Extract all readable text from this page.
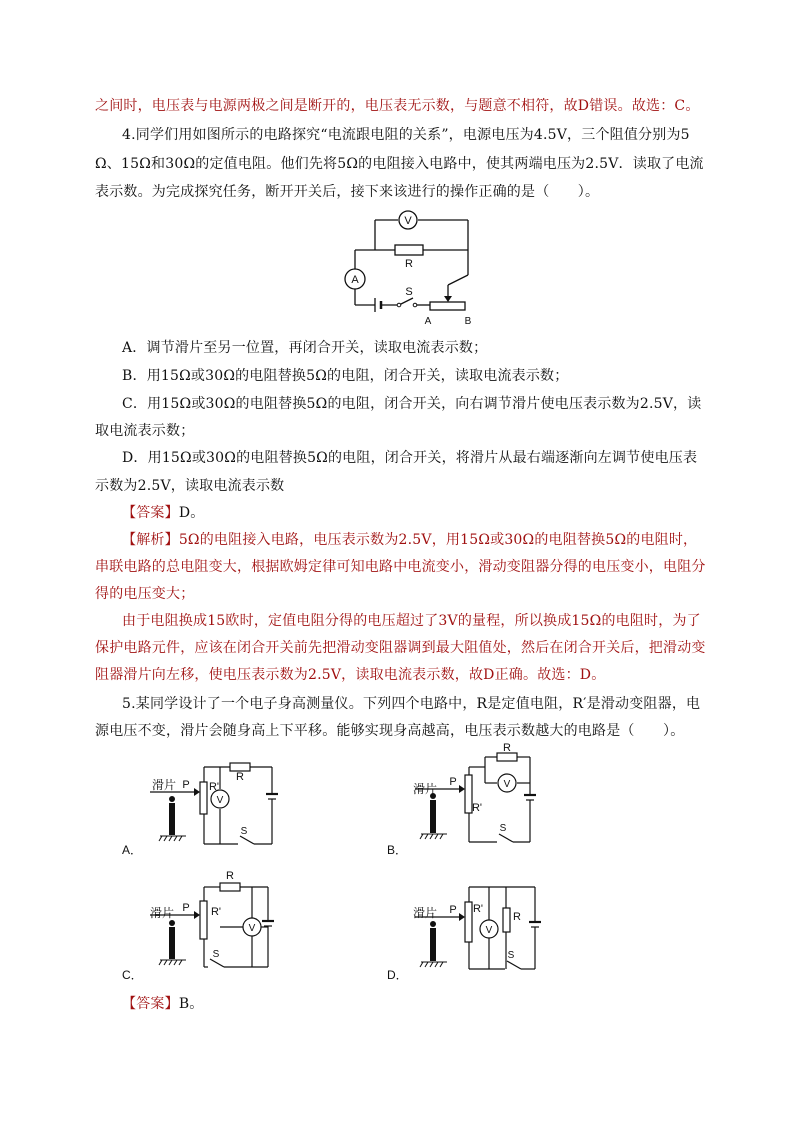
之间时，电压表与电源两极之间是断开的，电压表无示数，与题意不相符，故D错误。故选：C。
4.同学们用如图所示的电路探究“电流跟电阻的关系”，电源电压为4.5V，三个阻值分别为5
Ω、15Ω和30Ω的定值电阻。他们先将5Ω的电阻接入电路中，使其两端电压为2.5V．读取了电流
表示数。为完成探究任务，断开开关后，接下来该进行的操作正确的是（　　）。
V
A
R
S
A	B
A．调节滑片至另一位置，再闭合开关，读取电流表示数；
B．用15Ω或30Ω的电阻替换5Ω的电阻，闭合开关，读取电流表示数；
C．用15Ω或30Ω的电阻替换5Ω的电阻，闭合开关，向右调节滑片使电压表示数为2.5V，读
取电流表示数；
D．用15Ω或30Ω的电阻替换5Ω的电阻，闭合开关，将滑片从最右端逐渐向左调节使电压表
示数为2.5V，读取电流表示数
【答案】D。
【解析】5Ω的电阻接入电路，电压表示数为2.5V，用15Ω或30Ω的电阻替换5Ω的电阻时，
串联电路的总电阻变大，根据欧姆定律可知电路中电流变小，滑动变阻器分得的电压变小，电阻分
得的电压变大；
由于电阻换成15欧时，定值电阻分得的电压超过了3V的量程，所以换成15Ω的电阻时，为了
保护电路元件，应该在闭合开关前先把滑动变阻器调到最大阻值处，然后在闭合开关后，把滑动变
阻器滑片向左移，使电压表示数为2.5V，读取电流表示数，故D正确。故选：D。
5.某同学设计了一个电子身高测量仪。下列四个电路中，R是定值电阻，R′是滑动变阻器，电
源电压不变，滑片会随身高上下平移。能够实现身高越高，电压表示数越大的电路是（　　）。
V
滑片 P R'
R
S
A．
V
滑片 P
R'
R
S
B．
V
滑片 P R'
R
S
C．
V
滑片 P R'
R
S
D．
【答案】B。
